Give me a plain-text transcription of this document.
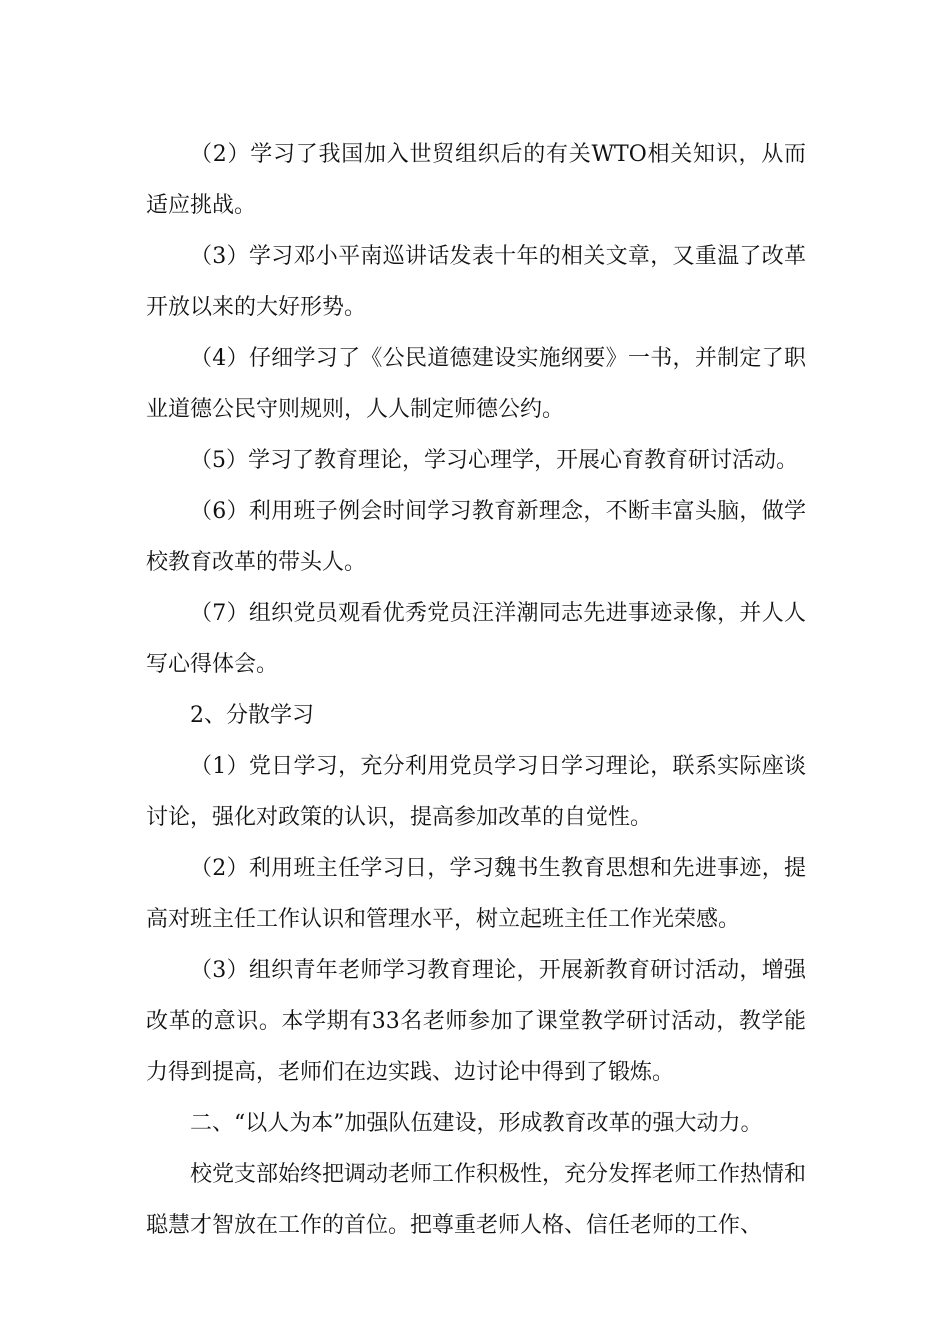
（2）学习了我国加入世贸组织后的有关WTO相关知识，从而适应挑战。

（3）学习邓小平南巡讲话发表十年的相关文章，又重温了改革开放以来的大好形势。

（4）仔细学习了《公民道德建设实施纲要》一书，并制定了职业道德公民守则规则，人人制定师德公约。

（5）学习了教育理论，学习心理学，开展心育教育研讨活动。

（6）利用班子例会时间学习教育新理念，不断丰富头脑，做学校教育改革的带头人。

（7）组织党员观看优秀党员汪洋潮同志先进事迹录像，并人人写心得体会。

2、分散学习

（1）党日学习，充分利用党员学习日学习理论，联系实际座谈讨论，强化对政策的认识，提高参加改革的自觉性。

（2）利用班主任学习日，学习魏书生教育思想和先进事迹，提高对班主任工作认识和管理水平，树立起班主任工作光荣感。

（3）组织青年老师学习教育理论，开展新教育研讨活动，增强改革的意识。本学期有33名老师参加了课堂教学研讨活动，教学能力得到提高，老师们在边实践、边讨论中得到了锻炼。

二、“以人为本”加强队伍建设，形成教育改革的强大动力。

校党支部始终把调动老师工作积极性，充分发挥老师工作热情和聪慧才智放在工作的首位。把尊重老师人格、信任老师的工作、
